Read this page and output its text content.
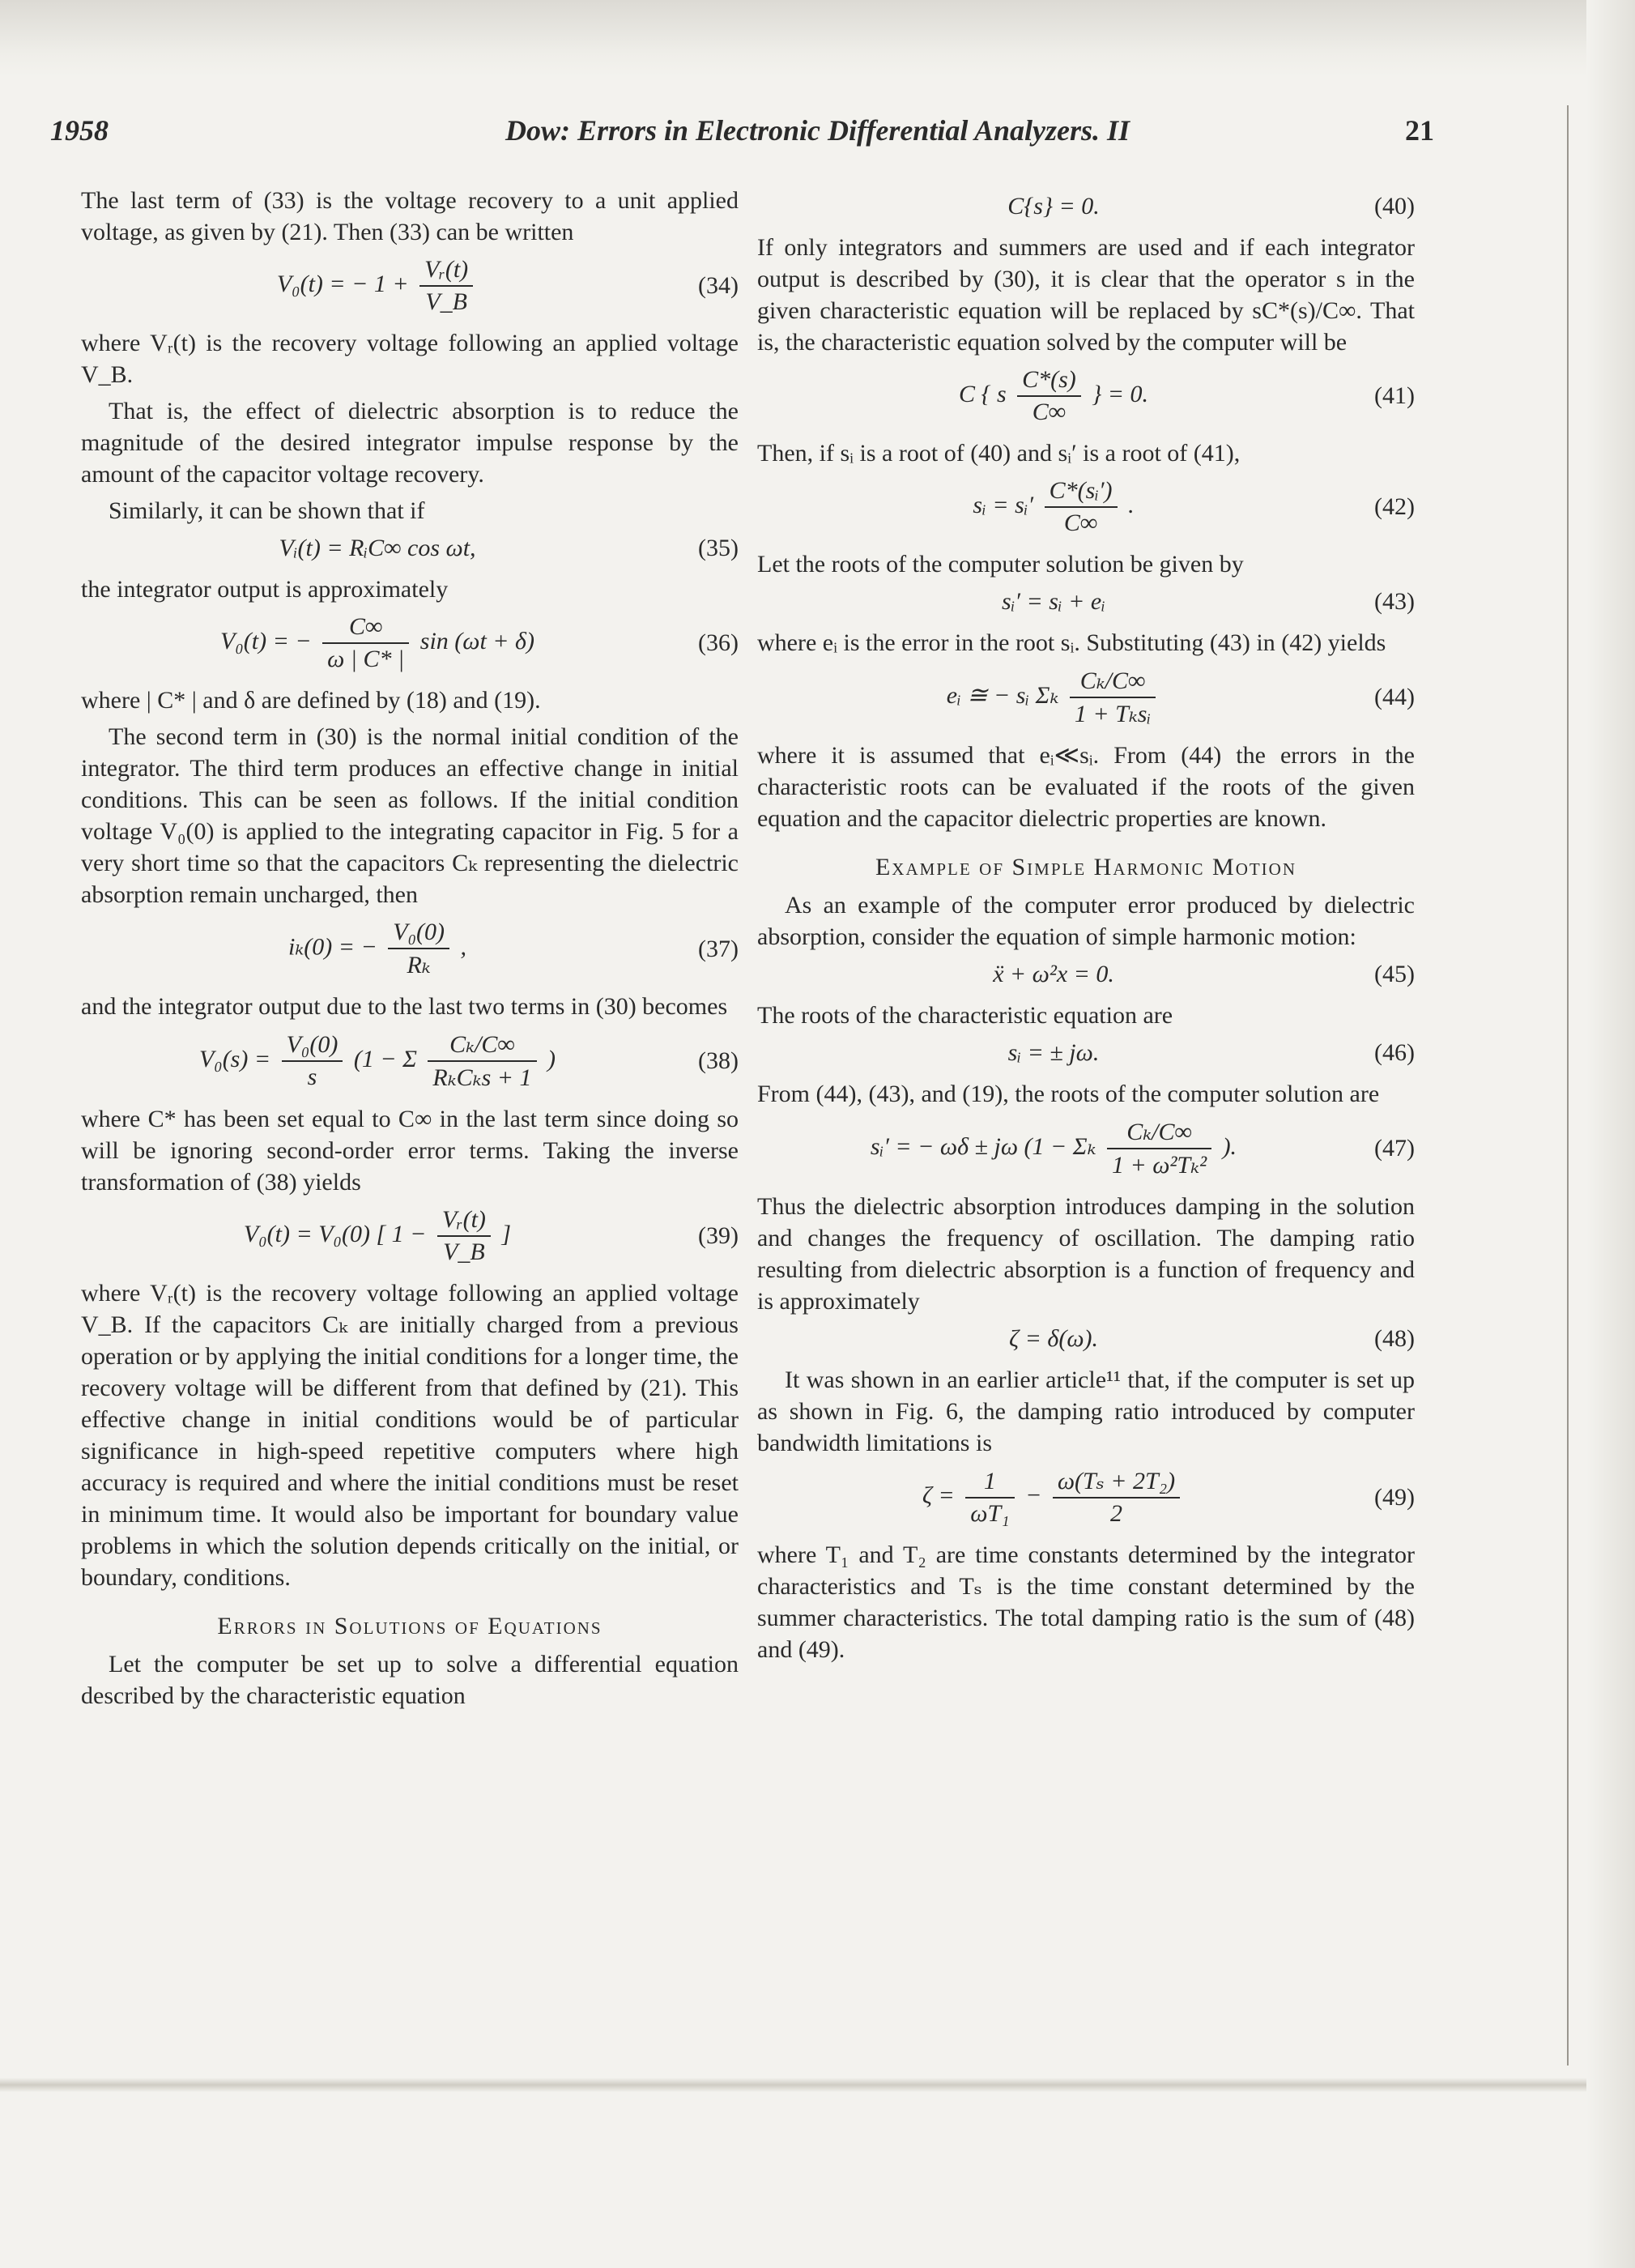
1958	Dow: Errors in Electronic Differential Analyzers. II	21

The last term of (33) is the voltage recovery to a unit applied voltage, as given by (21). Then (33) can be written

V₀(t) = − $1 + \frac{\text{Vᵣ(t)}}{V\_B}$	(34)

where Vᵣ(t) is the recovery voltage following an applied voltage V_B.

That is, the effect of dielectric absorption is to reduce the magnitude of the desired integrator impulse response by the amount of the capacitor voltage recovery.

Similarly, it can be shown that if

Vᵢ(t) = RᵢC∞ cos ωt,	(35)

the integrator output is approximately

V₀(t) = − $\frac{C\infty}{\omega | C* |}$ sin (ωt + δ)	(36)

where | C* | and δ are defined by (18) and (19).

The second term in (30) is the normal initial condition of the integrator. The third term produces an effective change in initial conditions. This can be seen as follows. If the initial condition voltage V₀(0) is applied to the integrating capacitor in Fig. 5 for a very short time so that the capacitors Cₖ representing the dielectric absorption remain uncharged, then

iₖ(0) = − $\frac{\text{V₀(0)}}{\text{Rₖ}}$ ,	(37)

and the integrator output due to the last two terms in (30) becomes

$V_0(s) = \frac{\text{V₀(0)}}{s} (1 - \Sigma \frac{\text{Cₖ/C∞}}{\text{RₖCₖs + 1}}$ )	(38)

where C* has been set equal to C∞ in the last term since doing so will be ignoring second-order error terms. Taking the inverse transformation of (38) yields

V₀(t) = V₀(0) [ $1 - \frac{\text{Vᵣ(t)}}{V\_B}$ ]	(39)

where Vᵣ(t) is the recovery voltage following an applied voltage V_B. If the capacitors Cₖ are initially charged from a previous operation or by applying the initial conditions for a longer time, the recovery voltage will be different from that defined by (21). This effective change in initial conditions would be of particular significance in high-speed repetitive computers where high accuracy is required and where the initial conditions must be reset in minimum time. It would also be important for boundary value problems in which the solution depends critically on the initial, or boundary, conditions.

Errors in Solutions of Equations

Let the computer be set up to solve a differential equation described by the characteristic equation

C{s} = 0.	(40)

If only integrators and summers are used and if each integrator output is described by (30), it is clear that the operator s in the given characteristic equation will be replaced by sC*(s)/C∞. That is, the characteristic equation solved by the computer will be

C { s $\frac{C*(s)}{C\infty}$ } = 0.	(41)

Then, if sᵢ is a root of (40) and sᵢ′ is a root of (41),

sᵢ = sᵢ′ $\frac{\text{C*(sᵢ′)}}{C\infty}$ .	(42)

Let the roots of the computer solution be given by

sᵢ′ = sᵢ + eᵢ	(43)

where eᵢ is the error in the root sᵢ. Substituting (43) in (42) yields

eᵢ ≅ − sᵢ Σₖ $\frac{\text{Cₖ/C∞}}{\text{1 + Tₖsᵢ}}$	(44)

where it is assumed that eᵢ≪sᵢ. From (44) the errors in the characteristic roots can be evaluated if the roots of the given equation and the capacitor dielectric properties are known.

Example of Simple Harmonic Motion

As an example of the computer error produced by dielectric absorption, consider the equation of simple harmonic motion:

ẍ + ω²x = 0.	(45)

The roots of the characteristic equation are

sᵢ = ± jω.	(46)

From (44), (43), and (19), the roots of the computer solution are

sᵢ′ = − ωδ ± jω (1 − Σₖ $\frac{\text{Cₖ/C∞}}{\text{1 + ω²Tₖ²}}$ ).	(47)

Thus the dielectric absorption introduces damping in the solution and changes the frequency of oscillation. The damping ratio resulting from dielectric absorption is a function of frequency and is approximately

ζ = δ(ω).	(48)

It was shown in an earlier article¹¹ that, if the computer is set up as shown in Fig. 6, the damping ratio introduced by computer bandwidth limitations is

$\zeta = \frac{1}{\text{ωT₁}} - \frac{\text{ω(Tₛ + 2T₂)}}{2}$	(49)

where T₁ and T₂ are time constants determined by the integrator characteristics and Tₛ is the time constant determined by the summer characteristics. The total damping ratio is the sum of (48) and (49).
